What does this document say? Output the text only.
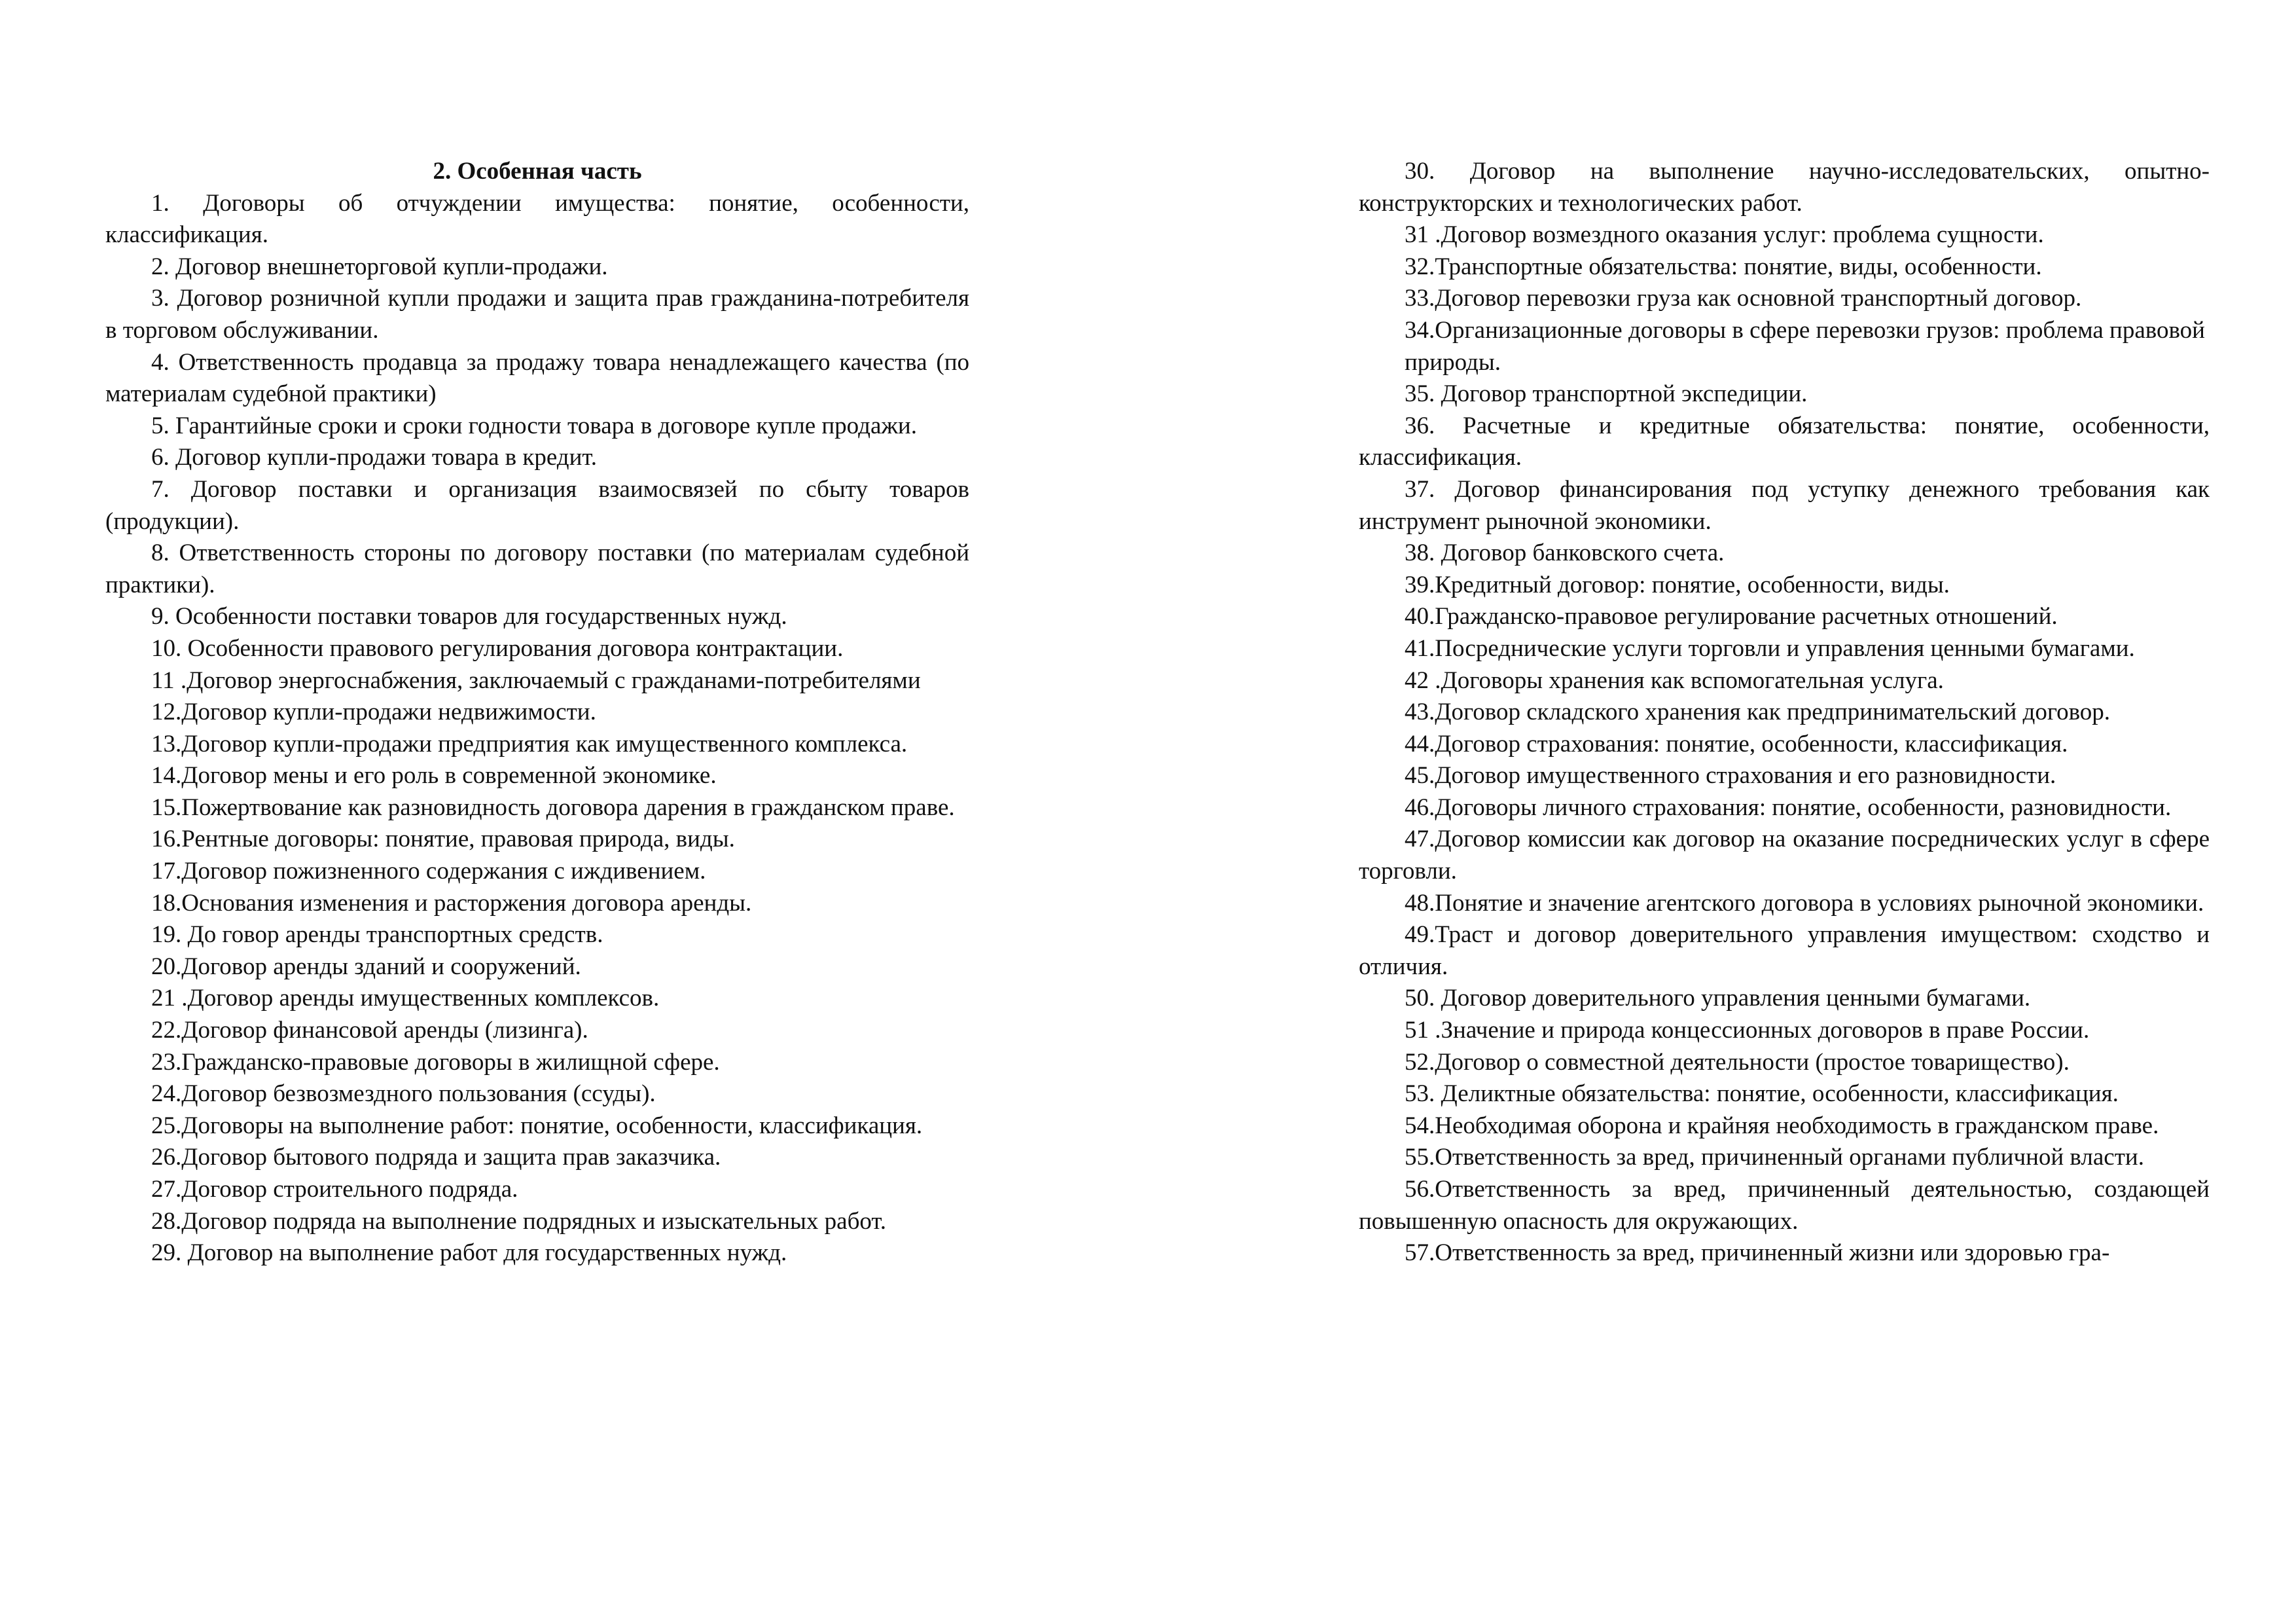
2. Особенная часть

1. Договоры об отчуждении имущества: понятие, особенности, классификация.

2. Договор внешнеторговой купли-продажи.

3. Договор розничной купли продажи и защита прав гражданина-потребителя в торговом обслуживании.

4. Ответственность продавца за продажу товара ненадлежащего качества (по материалам судебной практики)

5. Гарантийные сроки и сроки годности товара в договоре купле продажи.

6. Договор купли-продажи товара в кредит.

7. Договор поставки и организация взаимосвязей по сбыту товаров (продукции).

8. Ответственность стороны по договору поставки (по материалам судебной практики).

9. Особенности поставки товаров для государственных нужд.

10. Особенности правового регулирования договора контрактации.

11 .Договор энергоснабжения, заключаемый с гражданами-потребителями

12.Договор купли-продажи недвижимости.

13.Договор купли-продажи предприятия как имущественного комплекса.

14.Договор мены и его роль в современной экономике.

15.Пожертвование как разновидность договора дарения в гражданском праве.

16.Рентные договоры: понятие, правовая природа, виды.

17.Договор пожизненного содержания с иждивением.

18.Основания изменения и расторжения договора аренды.

19. До говор аренды транспортных средств.

20.Договор аренды зданий и сооружений.

21 .Договор аренды имущественных комплексов.

22.Договор финансовой аренды (лизинга).

23.Гражданско-правовые договоры в жилищной сфере.

24.Договор безвозмездного пользования (ссуды).

25.Договоры на выполнение работ: понятие, особенности, классификация.

26.Договор бытового подряда и защита прав заказчика.

27.Договор строительного подряда.

28.Договор подряда на выполнение подрядных и изыскательных работ.

29. Договор на выполнение работ для государственных нужд.

30. Договор на выполнение научно-исследовательских, опытно-конструкторских и технологических работ.

31 .Договор возмездного оказания услуг: проблема сущности.

32.Транспортные обязательства: понятие, виды, особенности.

33.Договор перевозки груза как основной транспортный договор.

34.Организационные договоры в сфере перевозки грузов: проблема правовой

природы.

35. Договор транспортной экспедиции.

36. Расчетные и кредитные обязательства: понятие, особенности, классификация.

37. Договор финансирования под уступку денежного требования как инструмент рыночной экономики.

38. Договор банковского счета.

39.Кредитный договор: понятие, особенности, виды.

40.Гражданско-правовое регулирование расчетных отношений.

41.Посреднические услуги торговли и управления ценными бумагами.

42 .Договоры хранения как вспомогательная услуга.

43.Договор складского хранения как предпринимательский договор.

44.Договор страхования: понятие, особенности, классификация.

45.Договор имущественного страхования и его разновидности.

46.Договоры личного страхования: понятие, особенности, разновидности.

47.Договор комиссии как договор на оказание посреднических услуг в сфере торговли.

48.Понятие и значение агентского договора в условиях рыночной экономики.

49.Траст и договор доверительного управления имуществом: сходство и отличия.

50. Договор доверительного управления ценными бумагами.

51 .Значение и природа концессионных договоров в праве России.

52.Договор о совместной деятельности (простое товарищество).

53. Деликтные обязательства: понятие, особенности, классификация.

54.Необходимая оборона и крайняя необходимость в гражданском праве.

55.Ответственность за вред, причиненный органами публичной власти.

56.Ответственность за вред, причиненный деятельностью, создающей повышенную опасность для окружающих.

57.Ответственность за вред, причиненный жизни или здоровью гра-
